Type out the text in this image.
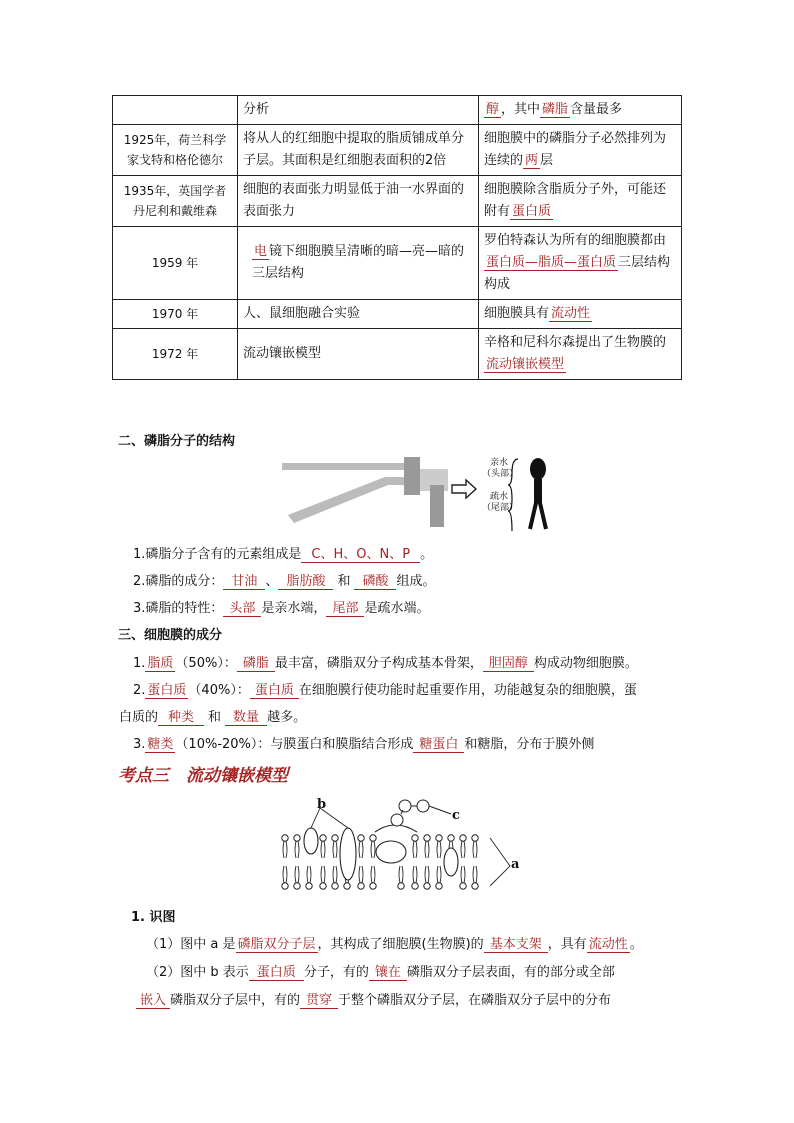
	分析	醇 ，其中 磷脂 含量最多
1925年，荷兰科学家戈特和格伦德尔	将从人的红细胞中提取的脂质铺成单分子层。其面积是红细胞表面积的2倍	细胞膜中的磷脂分子必然排列为连续的 两 层
1935年，英国学者丹尼利和戴维森	细胞的表面张力明显低于油一水界面的表面张力	细胞膜除含脂质分子外，可能还附有 蛋白质
1959 年	电 镜下细胞膜呈清晰的暗—亮—暗的三层结构	罗伯特森认为所有的细胞膜都由蛋白质—脂质—蛋白质 三层结构构成
1970 年	人、鼠细胞融合实验	细胞膜具有 流动性
1972 年	流动镶嵌模型	辛格和尼科尔森提出了生物膜的流动镶嵌模型
二、磷脂分子的结构
亲水（头部）
疏水（尾部）
1.磷脂分子含有的元素组成是 C、H、O、N、P 。
2.磷脂的成分： 甘油 、 脂肪酸 和 磷酸 组成。
3.磷脂的特性： 头部 是亲水端， 尾部 是疏水端。
三、细胞膜的成分
1. 脂质 （50%）： 磷脂 最丰富，磷脂双分子构成基本骨架， 胆固醇 构成动物细胞膜。
2. 蛋白质 （40%）： 蛋白质 在细胞膜行使功能时起重要作用，功能越复杂的细胞膜，蛋
白质的 种类 和 数量 越多。
3. 糖类 （10%-20%）：与膜蛋白和膜脂结合形成 糖蛋白 和糖脂，分布于膜外侧
考点三　流动镶嵌模型
b
c
a
1. 识图
（1）图中 a 是 磷脂双分子层 ，其构成了细胞膜(生物膜)的 基本支架 ，具有 流动性 。
（2）图中 b 表示 蛋白质 分子，有的 镶在 磷脂双分子层表面，有的部分或全部
嵌入 磷脂双分子层中，有的 贯穿 于整个磷脂双分子层，在磷脂双分子层中的分布
